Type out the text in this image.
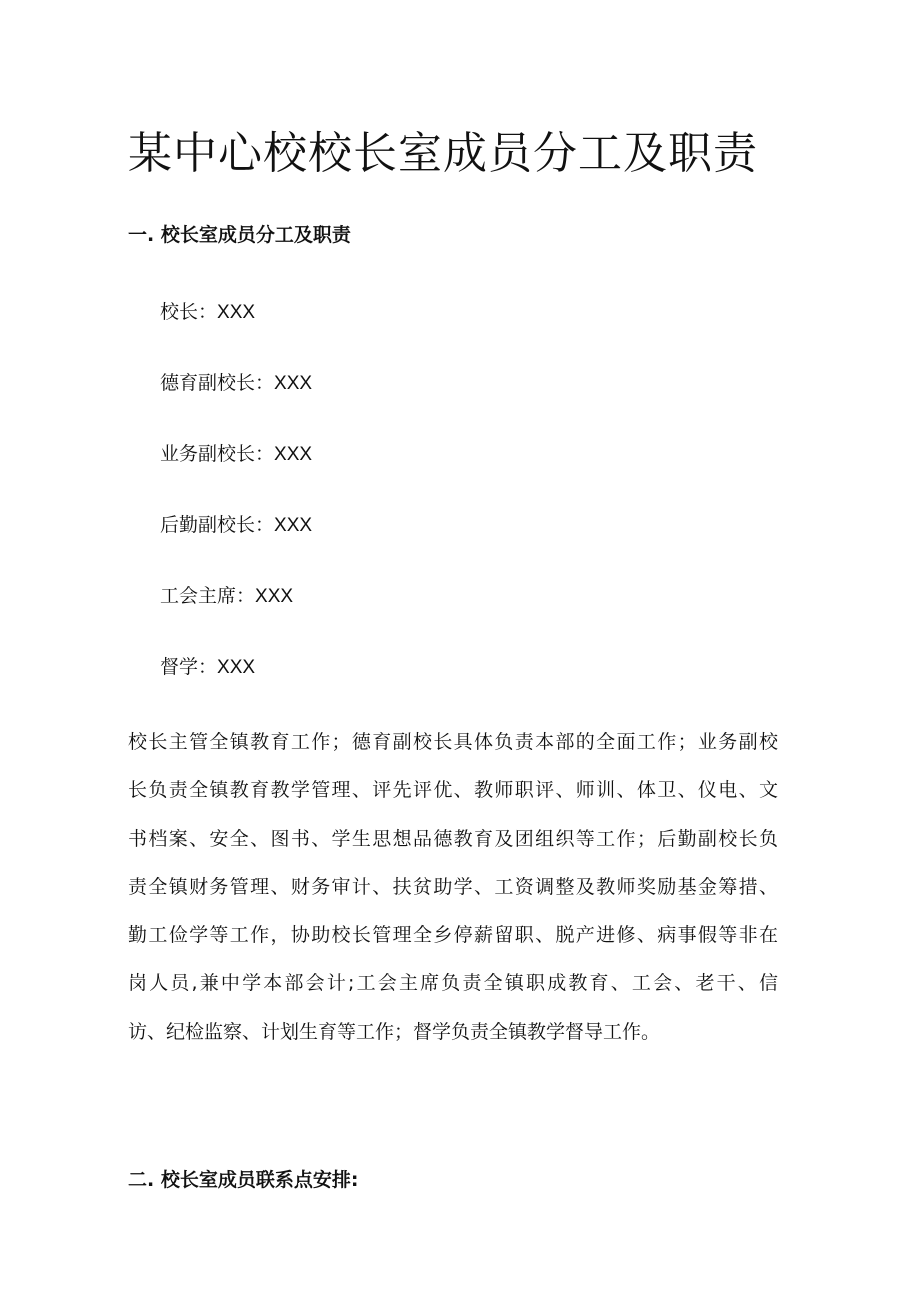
某中心校校长室成员分工及职责
一. 校长室成员分工及职责
校长：XXX
德育副校长：XXX
业务副校长：XXX
后勤副校长：XXX
工会主席：XXX
督学：XXX
校长主管全镇教育工作；德育副校长具体负责本部的全面工作；业务副校
长负责全镇教育教学管理、评先评优、教师职评、师训、体卫、仪电、文
书档案、安全、图书、学生思想品德教育及团组织等工作；后勤副校长负
责全镇财务管理、财务审计、扶贫助学、工资调整及教师奖励基金筹措、
勤工俭学等工作，协助校长管理全乡停薪留职、脱产进修、病事假等非在
岗人员,兼中学本部会计;工会主席负责全镇职成教育、工会、老干、信
访、纪检监察、计划生育等工作；督学负责全镇教学督导工作。
二. 校长室成员联系点安排:
